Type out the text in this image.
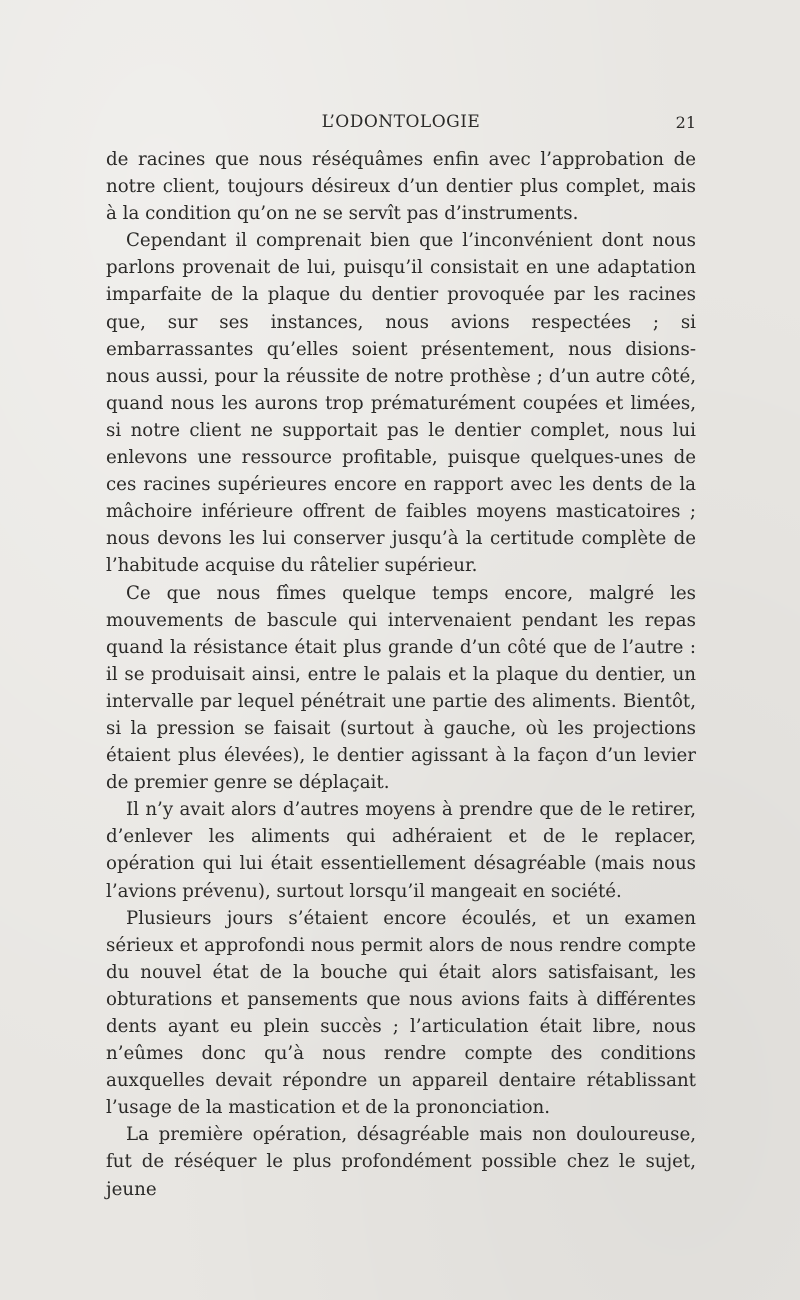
L’ODONTOLOGIE	21

de racines que nous réséquâmes enfin avec l’approbation de notre client, toujours désireux d’un dentier plus complet, mais à la condition qu’on ne se servît pas d’instruments.

Cependant il comprenait bien que l’inconvénient dont nous parlons provenait de lui, puisqu’il consistait en une adaptation imparfaite de la plaque du dentier provoquée par les racines que, sur ses instances, nous avions respectées ; si embarrassantes qu’elles soient présentement, nous disions-nous aussi, pour la réussite de notre prothèse ; d’un autre côté, quand nous les aurons trop prématurément coupées et limées, si notre client ne supportait pas le dentier complet, nous lui enlevons une ressource profitable, puisque quelques-unes de ces racines supérieures encore en rapport avec les dents de la mâchoire inférieure offrent de faibles moyens masticatoires ; nous devons les lui conserver jusqu’à la certitude complète de l’habitude acquise du râtelier supérieur.

Ce que nous fîmes quelque temps encore, malgré les mouvements de bascule qui intervenaient pendant les repas quand la résistance était plus grande d’un côté que de l’autre : il se produisait ainsi, entre le palais et la plaque du dentier, un intervalle par lequel pénétrait une partie des aliments. Bientôt, si la pression se faisait (surtout à gauche, où les projections étaient plus élevées), le dentier agissant à la façon d’un levier de premier genre se déplaçait.

Il n’y avait alors d’autres moyens à prendre que de le retirer, d’enlever les aliments qui adhéraient et de le replacer, opération qui lui était essentiellement désagréable (mais nous l’avions prévenu), surtout lorsqu’il mangeait en société.

Plusieurs jours s’étaient encore écoulés, et un examen sérieux et approfondi nous permit alors de nous rendre compte du nouvel état de la bouche qui était alors satisfaisant, les obturations et pansements que nous avions faits à différentes dents ayant eu plein succès ; l’articulation était libre, nous n’eûmes donc qu’à nous rendre compte des conditions auxquelles devait répondre un appareil dentaire rétablissant l’usage de la mastication et de la prononciation.

La première opération, désagréable mais non douloureuse, fut de réséquer le plus profondément possible chez le sujet, jeune
